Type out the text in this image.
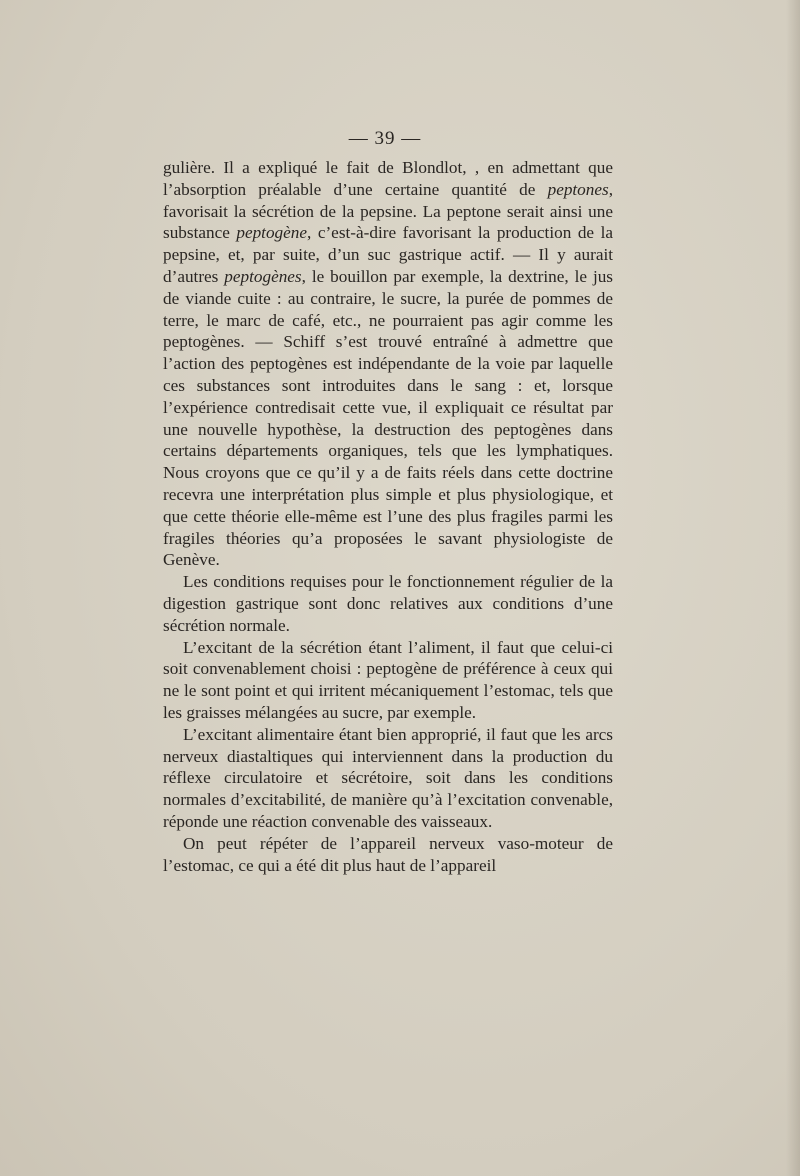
— 39 —

gulière. Il a expliqué le fait de Blondlot, , en admettant que l’absorption préalable d’une certaine quantité de peptones, favorisait la sécrétion de la pepsine. La peptone serait ainsi une substance peptogène, c’est-à-dire favorisant la production de la pepsine, et, par suite, d’un suc gastrique actif. — Il y aurait d’autres peptogènes, le bouillon par exemple, la dextrine, le jus de viande cuite : au contraire, le sucre, la purée de pommes de terre, le marc de café, etc., ne pourraient pas agir comme les peptogènes. — Schiff s’est trouvé entraîné à admettre que l’action des peptogènes est indépendante de la voie par laquelle ces substances sont introduites dans le sang : et, lorsque l’expérience contredisait cette vue, il expliquait ce résultat par une nouvelle hypothèse, la destruction des peptogènes dans certains départements organiques, tels que les lymphatiques. Nous croyons que ce qu’il y a de faits réels dans cette doctrine recevra une interprétation plus simple et plus physiologique, et que cette théorie elle-même est l’une des plus fragiles parmi les fragiles théories qu’a proposées le savant physiologiste de Genève.

Les conditions requises pour le fonctionnement régulier de la digestion gastrique sont donc relatives aux conditions d’une sécrétion normale.

L’excitant de la sécrétion étant l’aliment, il faut que celui-ci soit convenablement choisi : peptogène de préférence à ceux qui ne le sont point et qui irritent mécaniquement l’estomac, tels que les graisses mélangées au sucre, par exemple.

L’excitant alimentaire étant bien approprié, il faut que les arcs nerveux diastaltiques qui interviennent dans la production du réflexe circulatoire et sécrétoire, soit dans les conditions normales d’excitabilité, de manière qu’à l’excitation convenable, réponde une réaction convenable des vaisseaux.

On peut répéter de l’appareil nerveux vaso-moteur de l’estomac, ce qui a été dit plus haut de l’appareil
